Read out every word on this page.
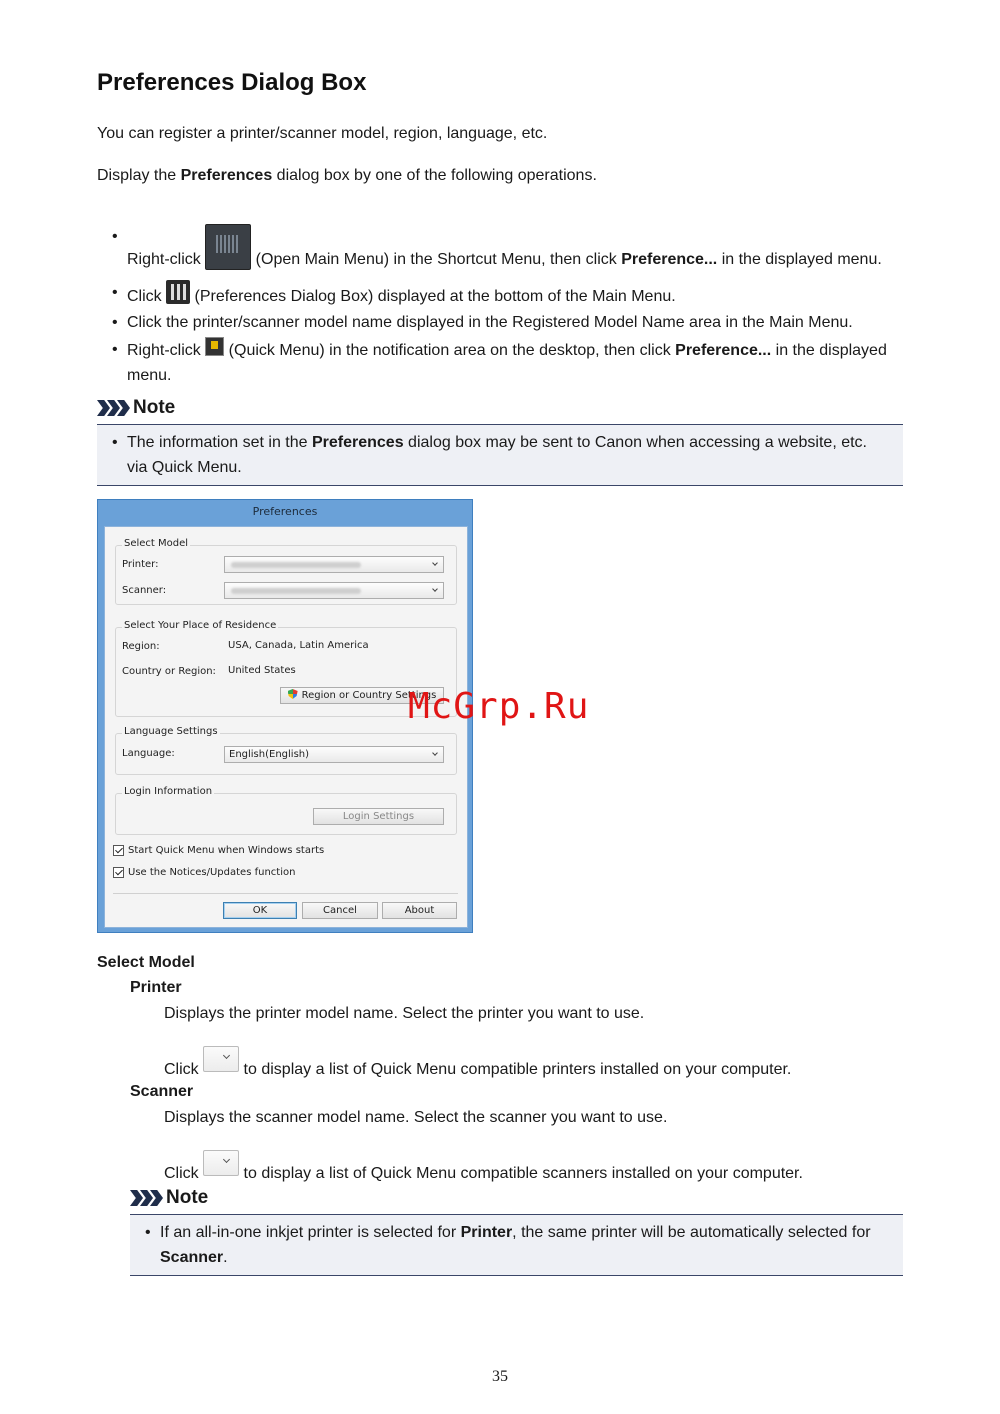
Preferences Dialog Box

You can register a printer/scanner model, region, language, etc.

Display the Preferences dialog box by one of the following operations.

• Right-click	(Open Main Menu) in the Shortcut Menu, then click Preference... in the displayed menu.
• Click  (Preferences Dialog Box) displayed at the bottom of the Main Menu.
• Click the printer/scanner model name displayed in the Registered Model Name area in the Main Menu.
• Right-click  (Quick Menu) in the notification area on the desktop, then click Preference... in the displayed menu.
Note
• The information set in the Preferences dialog box may be sent to Canon when accessing a website, etc. via Quick Menu.
Preferences
Select Model
Printer:
Scanner:
Select Your Place of Residence
Region:	USA, Canada, Latin America
Country or Region: United States
Region or Country Settings
Language Settings
Language:	English(English)
Login Information
Login Settings
Start Quick Menu when Windows starts
Use the Notices/Updates function
OK	Cancel	About
McGrp.Ru
Select Model
Printer

Displays the printer model name. Select the printer you want to use.

Click  to display a list of Quick Menu compatible printers installed on your computer.

Scanner

Displays the scanner model name. Select the scanner you want to use.

Click  to display a list of Quick Menu compatible scanners installed on your computer.

Note
• If an all-in-one inkjet printer is selected for Printer, the same printer will be automatically selected for Scanner.
35
